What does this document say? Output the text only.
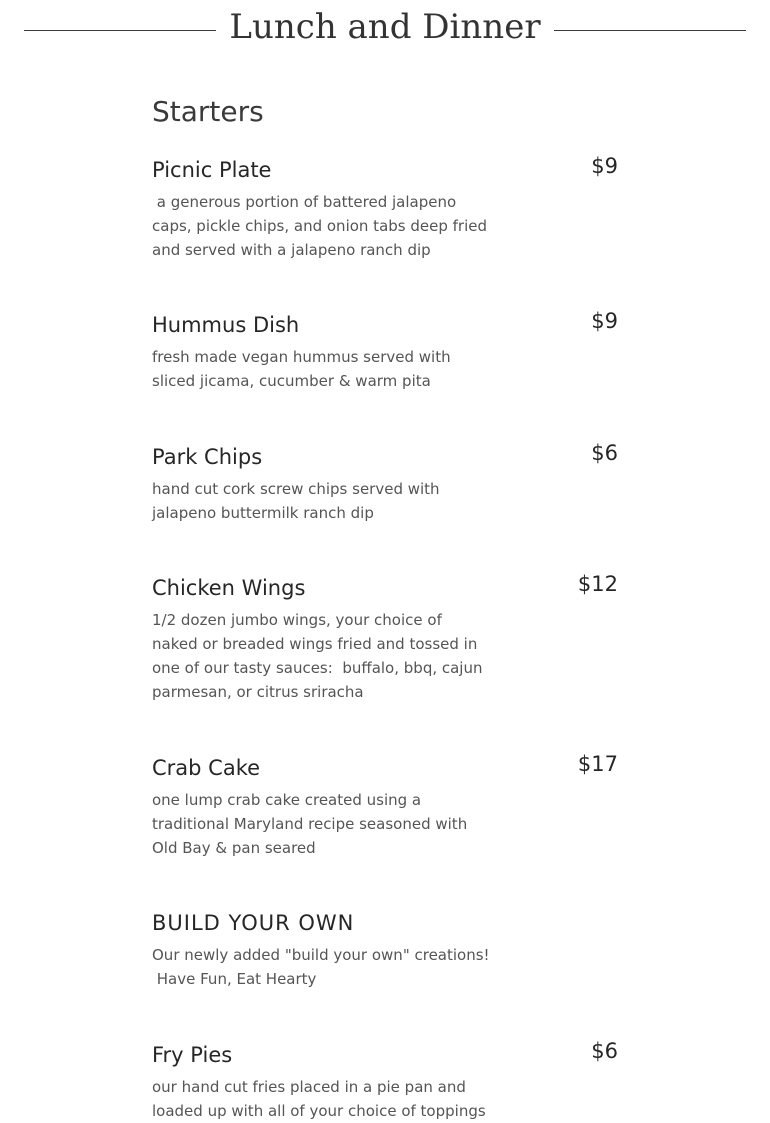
Lunch and Dinner
Starters
Picnic Plate	$9

a generous portion of battered jalapeno caps, pickle chips, and onion tabs deep fried and served with a jalapeno ranch dip

Hummus Dish	$9

fresh made vegan hummus served with sliced jicama, cucumber & warm pita

Park Chips	$6

hand cut cork screw chips served with jalapeno buttermilk ranch dip

Chicken Wings	$12

1/2 dozen jumbo wings, your choice of naked or breaded wings fried and tossed in one of our tasty sauces:  buffalo, bbq, cajun parmesan, or citrus sriracha

Crab Cake	$17

one lump crab cake created using a traditional Maryland recipe seasoned with Old Bay & pan seared

BUILD YOUR OWN

Our newly added "build your own" creations!
Have Fun, Eat Hearty

Fry Pies	$6

our hand cut fries placed in a pie pan and loaded up with all of your choice of toppings
